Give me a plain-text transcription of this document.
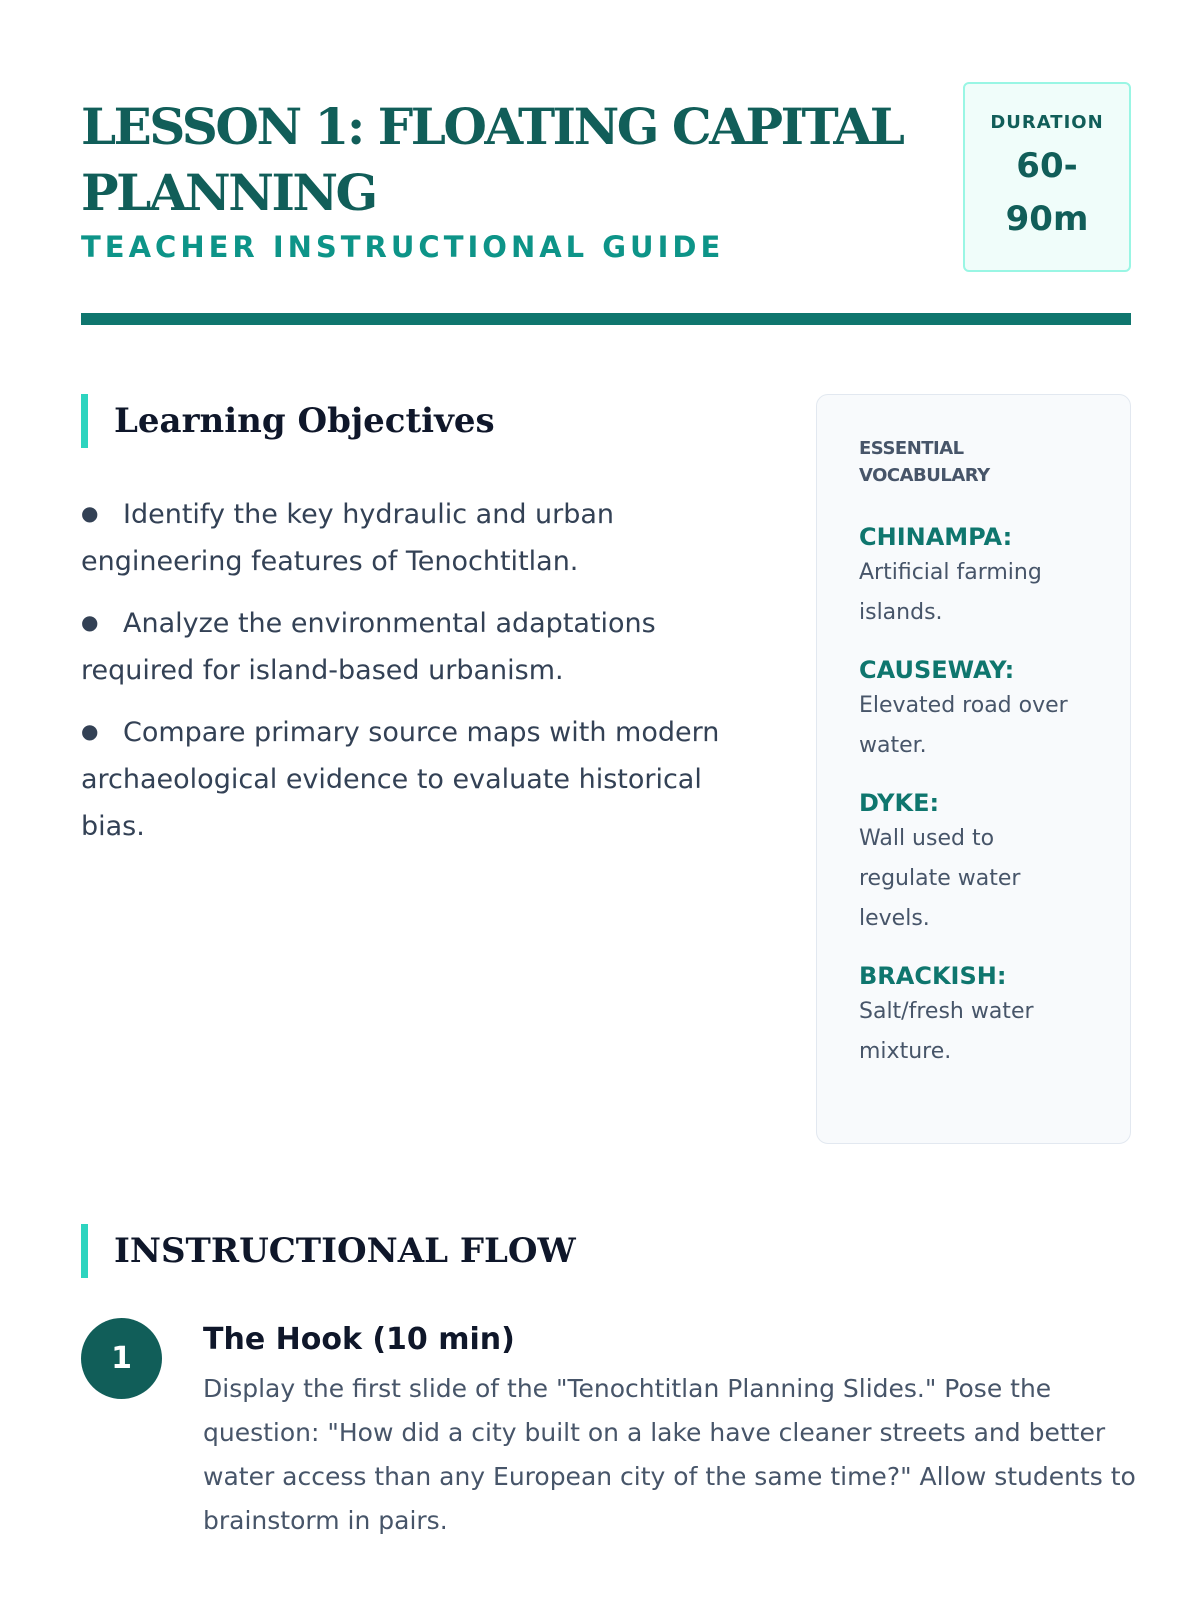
LESSON 1: FLOATING CAPITAL PLANNING
TEACHER INSTRUCTIONAL GUIDE
DURATION
60-90m
Learning Objectives
● Identify the key hydraulic and urban engineering features of Tenochtitlan.
● Analyze the environmental adaptations required for island-based urbanism.
● Compare primary source maps with modern archaeological evidence to evaluate historical bias.
ESSENTIAL VOCABULARY
CHINAMPA:
Artificial farming islands.
CAUSEWAY:
Elevated road over water.
DYKE:
Wall used to regulate water levels.
BRACKISH:
Salt/fresh water mixture.
INSTRUCTIONAL FLOW
1
The Hook (10 min)

Display the first slide of the "Tenochtitlan Planning Slides." Pose the question: "How did a city built on a lake have cleaner streets and better water access than any European city of the same time?" Allow students to brainstorm in pairs.
